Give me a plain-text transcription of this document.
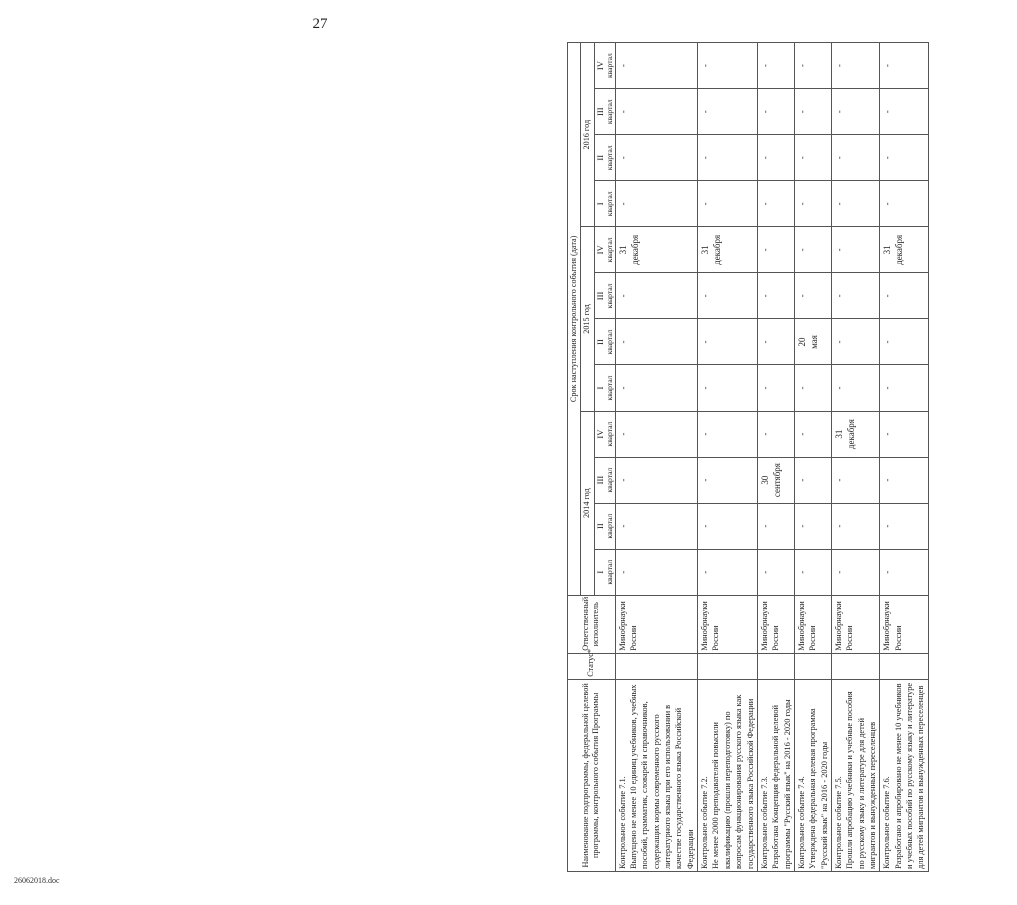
27
Наименование подпрограммы, федеральной целевой программы, контрольного события Программы	Статус*	Ответственный исполнитель	Срок наступления контрольного события (дата)											
			2014 год				2015 год				2016 год			

			I квартал	II квартал	III квартал	IV квартал	I квартал	II квартал	III квартал	IV квартал	I квартал	II квартал	III квартал	IV квартал

Контрольное событие 7.1. Выпущено не менее 10 единиц учебников, учебных пособий, грамматик, словарей и справочников, содержащих нормы современного русского литературного языка при его использовании в качестве государственного языка Российской Федерации		Минобрнауки России	-	-	-	-	-	-	-	31 декабря	-	-	-	-

Контрольное событие 7.2. Не менее 2000 преподавателей повысили квалификацию (прошли переподготовку) по вопросам функционирования русского языка как государственного языка Российской Федерации		Минобрнауки России	-	-	-	-	-	-	-	31 декабря	-	-	-	-

Контрольное событие 7.3. Разработана Концепция федеральной целевой программы "Русский язык" на 2016 - 2020 годы		Минобрнауки России	-	-	30 сентября	-	-	-	-	-	-	-	-	-

Контрольное событие 7.4. Утверждена федеральная целевая программа "Русский язык" на 2016 - 2020 годы		Минобрнауки России	-	-	-	-	-	20 мая	-	-	-	-	-	-

Контрольное событие 7.5. Прошли апробацию учебники и учебные пособия по русскому языку и литературе для детей мигрантов и вынужденных переселенцев		Минобрнауки России	-	-	-	31 декабря	-	-	-	-	-	-	-	-

Контрольное событие 7.6. Разработано и апробировано не менее 10 учебников и учебных пособий по русскому языку и литературе для детей мигрантов и вынужденных переселенцев		Минобрнауки России	-	-	-	-	-	-	-	31 декабря	-	-	-	-
26062018.doc
